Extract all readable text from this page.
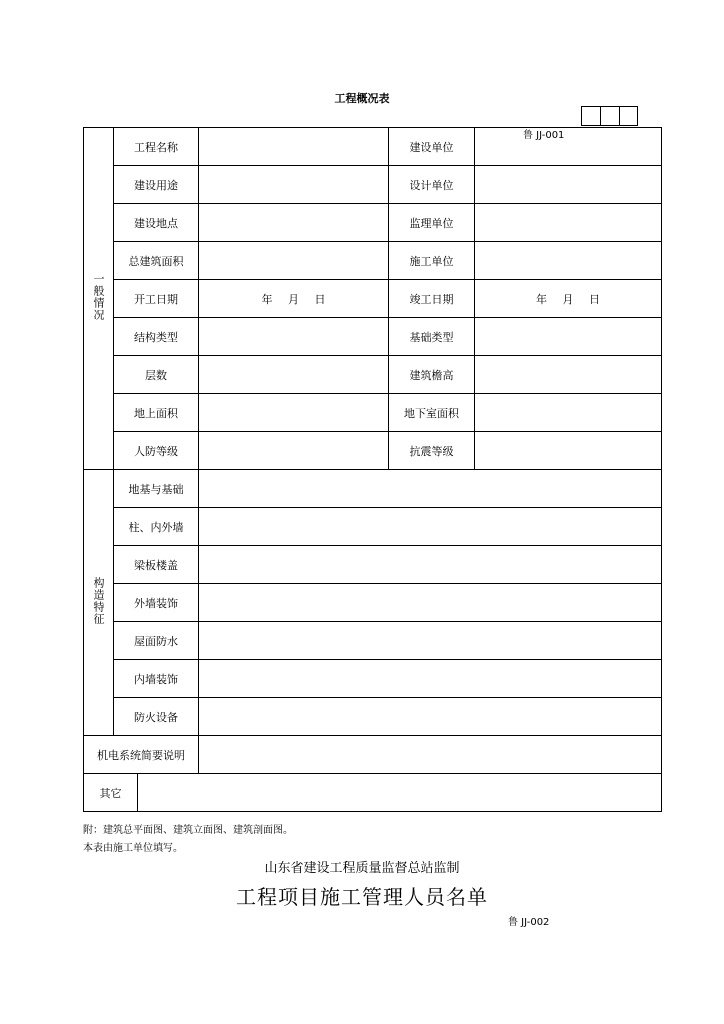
工程概况表
鲁 JJ-001
一般情况	工程名称			建设单位	
	建设用途			设计单位	
	建设地点			监理单位	
	总建筑面积			施工单位	
	开工日期		年 月 日	竣工日期	年 月 日
	结构类型			基础类型	
	层数			建筑檐高	
	地上面积			地下室面积	
	人防等级			抗震等级	
构造特征	地基与基础				
	柱、内外墙				
	梁板楼盖				
	外墙装饰				
	屋面防水				
	内墙装饰				
	防火设备				
机电系统简要说明					
其它					
附：建筑总平面图、建筑立面图、建筑剖面图。
本表由施工单位填写。
山东省建设工程质量监督总站监制
工程项目施工管理人员名单
鲁 JJ-002
